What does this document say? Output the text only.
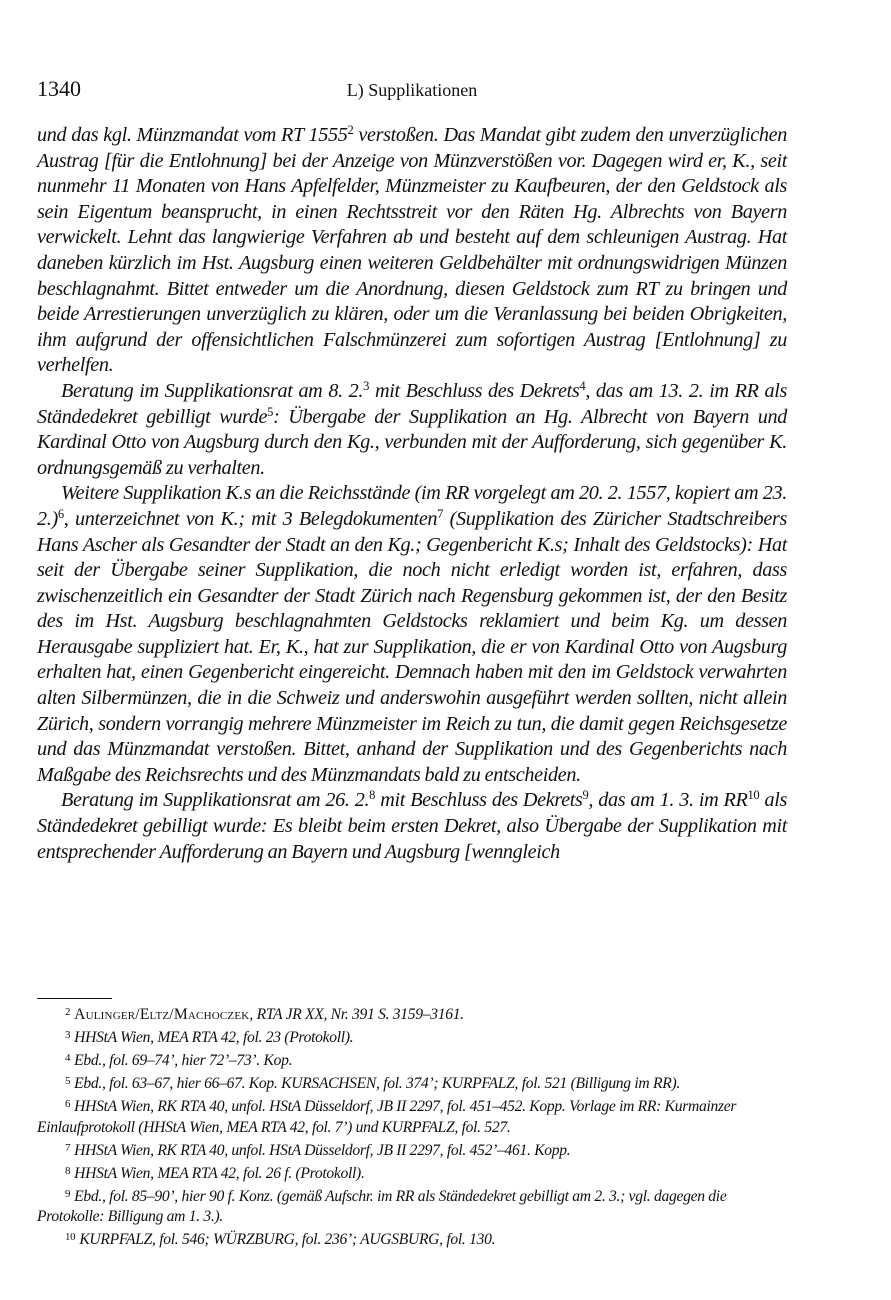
1340	L) Supplikationen

und das kgl. Münzmandat vom RT 1555$^2$ verstoßen. Das Mandat gibt zudem den unverzüglichen Austrag [für die Entlohnung] bei der Anzeige von Münzverstößen vor. Dagegen wird er, K., seit nunmehr 11 Monaten von Hans Apfelfelder, Münzmeister zu Kaufbeuren, der den Geldstock als sein Eigentum beansprucht, in einen Rechtsstreit vor den Räten Hg. Albrechts von Bayern verwickelt. Lehnt das langwierige Verfahren ab und besteht auf dem schleunigen Austrag. Hat daneben kürzlich im Hst. Augsburg einen weiteren Geldbehälter mit ordnungswidrigen Münzen beschlagnahmt. Bittet entweder um die Anordnung, diesen Geldstock zum RT zu bringen und beide Arrestierungen unverzüglich zu klären, oder um die Veranlassung bei beiden Obrigkeiten, ihm aufgrund der offensichtlichen Falschmünzerei zum sofortigen Austrag [Entlohnung] zu verhelfen.

Beratung im Supplikationsrat am 8. 2.$^3$ mit Beschluss des Dekrets$^4$, das am 13. 2. im RR als Ständedekret gebilligt wurde$^5$: Übergabe der Supplikation an Hg. Albrecht von Bayern und Kardinal Otto von Augsburg durch den Kg., verbunden mit der Aufforderung, sich gegenüber K. ordnungsgemäß zu verhalten.

Weitere Supplikation K.s an die Reichsstände (im RR vorgelegt am 20. 2. 1557, kopiert am 23. 2.)$^6$, unterzeichnet von K.; mit 3 Belegdokumenten$^7$ (Supplikation des Züricher Stadtschreibers Hans Ascher als Gesandter der Stadt an den Kg.; Gegenbericht K.s; Inhalt des Geldstocks): Hat seit der Übergabe seiner Supplikation, die noch nicht erledigt worden ist, erfahren, dass zwischenzeitlich ein Gesandter der Stadt Zürich nach Regensburg gekommen ist, der den Besitz des im Hst. Augsburg beschlagnahmten Geldstocks reklamiert und beim Kg. um dessen Herausgabe suppliziert hat. Er, K., hat zur Supplikation, die er von Kardinal Otto von Augsburg erhalten hat, einen Gegenbericht eingereicht. Demnach haben mit den im Geldstock verwahrten alten Silbermünzen, die in die Schweiz und anderswohin ausgeführt werden sollten, nicht allein Zürich, sondern vorrangig mehrere Münzmeister im Reich zu tun, die damit gegen Reichsgesetze und das Münzmandat verstoßen. Bittet, anhand der Supplikation und des Gegenberichts nach Maßgabe des Reichsrechts und des Münzmandats bald zu entscheiden.

Beratung im Supplikationsrat am 26. 2.$^8$ mit Beschluss des Dekrets$^9$, das am 1. 3. im RR$^{10}$ als Ständedekret gebilligt wurde: Es bleibt beim ersten Dekret, also Übergabe der Supplikation mit entsprechender Aufforderung an Bayern und Augsburg [wenngleich

$^2$ Aulinger/Eltz/Machoczek, RTA JR XX, Nr. 391 S. 3159–3161.

$^3$ HHStA Wien, MEA RTA 42, fol. 23 (Protokoll).

$^4$ Ebd., fol. 69–74’, hier 72’–73’. Kop.

$^5$ Ebd., fol. 63–67, hier 66–67. Kop. KURSACHSEN, fol. 374’; KURPFALZ, fol. 521 (Billigung im RR).

$^6$ HHStA Wien, RK RTA 40, unfol. HStA Düsseldorf, JB II 2297, fol. 451–452. Kopp. Vorlage im RR: Kurmainzer Einlaufprotokoll (HHStA Wien, MEA RTA 42, fol. 7’) und KURPFALZ, fol. 527.

$^7$ HHStA Wien, RK RTA 40, unfol. HStA Düsseldorf, JB II 2297, fol. 452’–461. Kopp.

$^8$ HHStA Wien, MEA RTA 42, fol. 26 f. (Protokoll).

$^9$ Ebd., fol. 85–90’, hier 90 f. Konz. (gemäß Aufschr. im RR als Ständedekret gebilligt am 2. 3.; vgl. dagegen die Protokolle: Billigung am 1. 3.).

$^{10}$ KURPFALZ, fol. 546; WÜRZBURG, fol. 236’; AUGSBURG, fol. 130.
